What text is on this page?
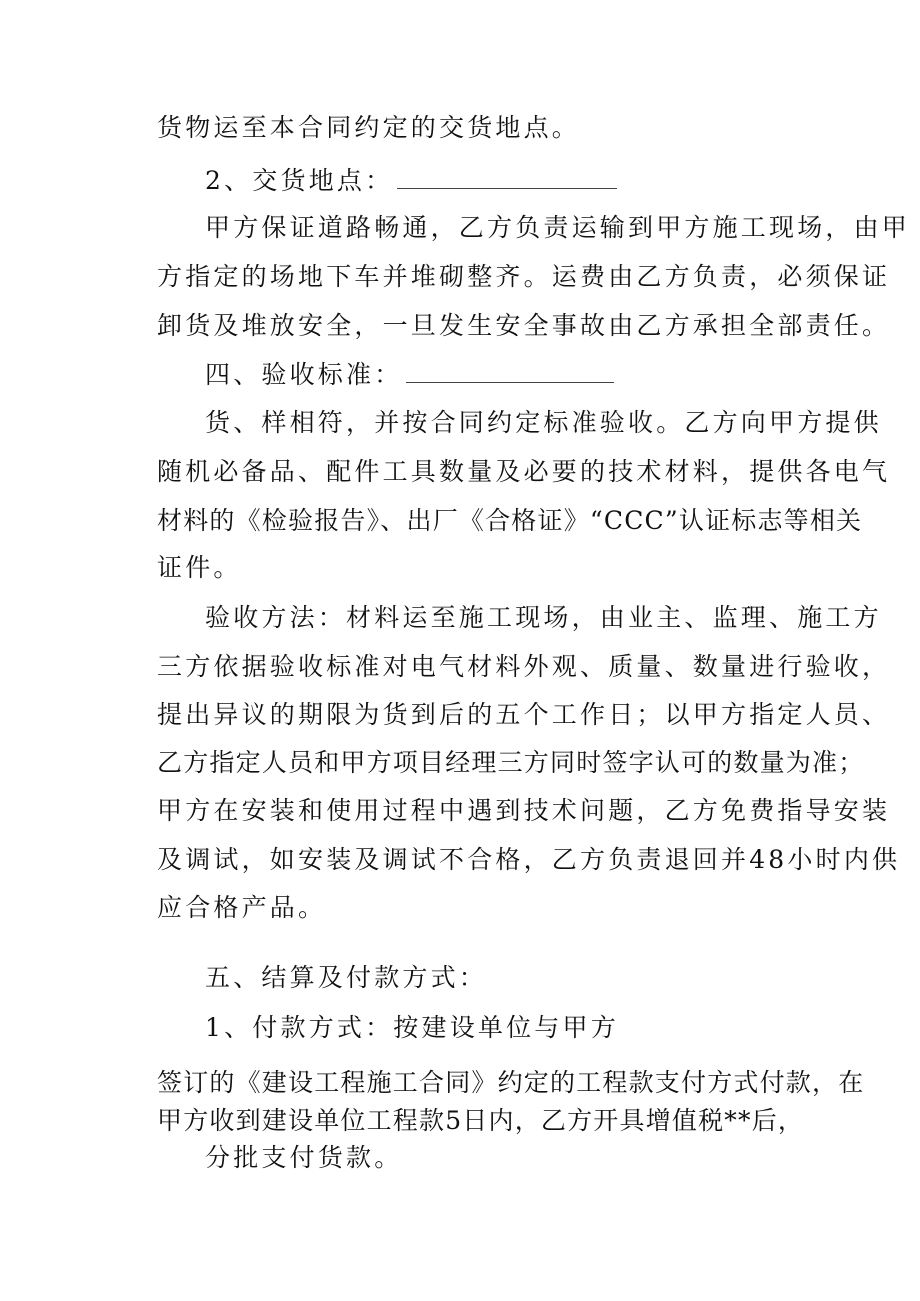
货物运至本合同约定的交货地点。
2、交货地点：
甲方保证道路畅通，乙方负责运输到甲方施工现场，由甲
方指定的场地下车并堆砌整齐。运费由乙方负责，必须保证
卸货及堆放安全，一旦发生安全事故由乙方承担全部责任。
四、验收标准：
货、样相符，并按合同约定标准验收。乙方向甲方提供
随机必备品、配件工具数量及必要的技术材料，提供各电气
材料的《检验报告》、出厂《合格证》“CCC”认证标志等相关
证件。
验收方法：材料运至施工现场，由业主、监理、施工方
三方依据验收标准对电气材料外观、质量、数量进行验收，
提出异议的期限为货到后的五个工作日；以甲方指定人员、
乙方指定人员和甲方项目经理三方同时签字认可的数量为准；
甲方在安装和使用过程中遇到技术问题，乙方免费指导安装
及调试，如安装及调试不合格，乙方负责退回并48小时内供
应合格产品。
五、结算及付款方式：
1、付款方式：按建设单位与甲方
签订的《建设工程施工合同》约定的工程款支付方式付款，在
甲方收到建设单位工程款5日内，乙方开具增值税**后，
分批支付货款。
